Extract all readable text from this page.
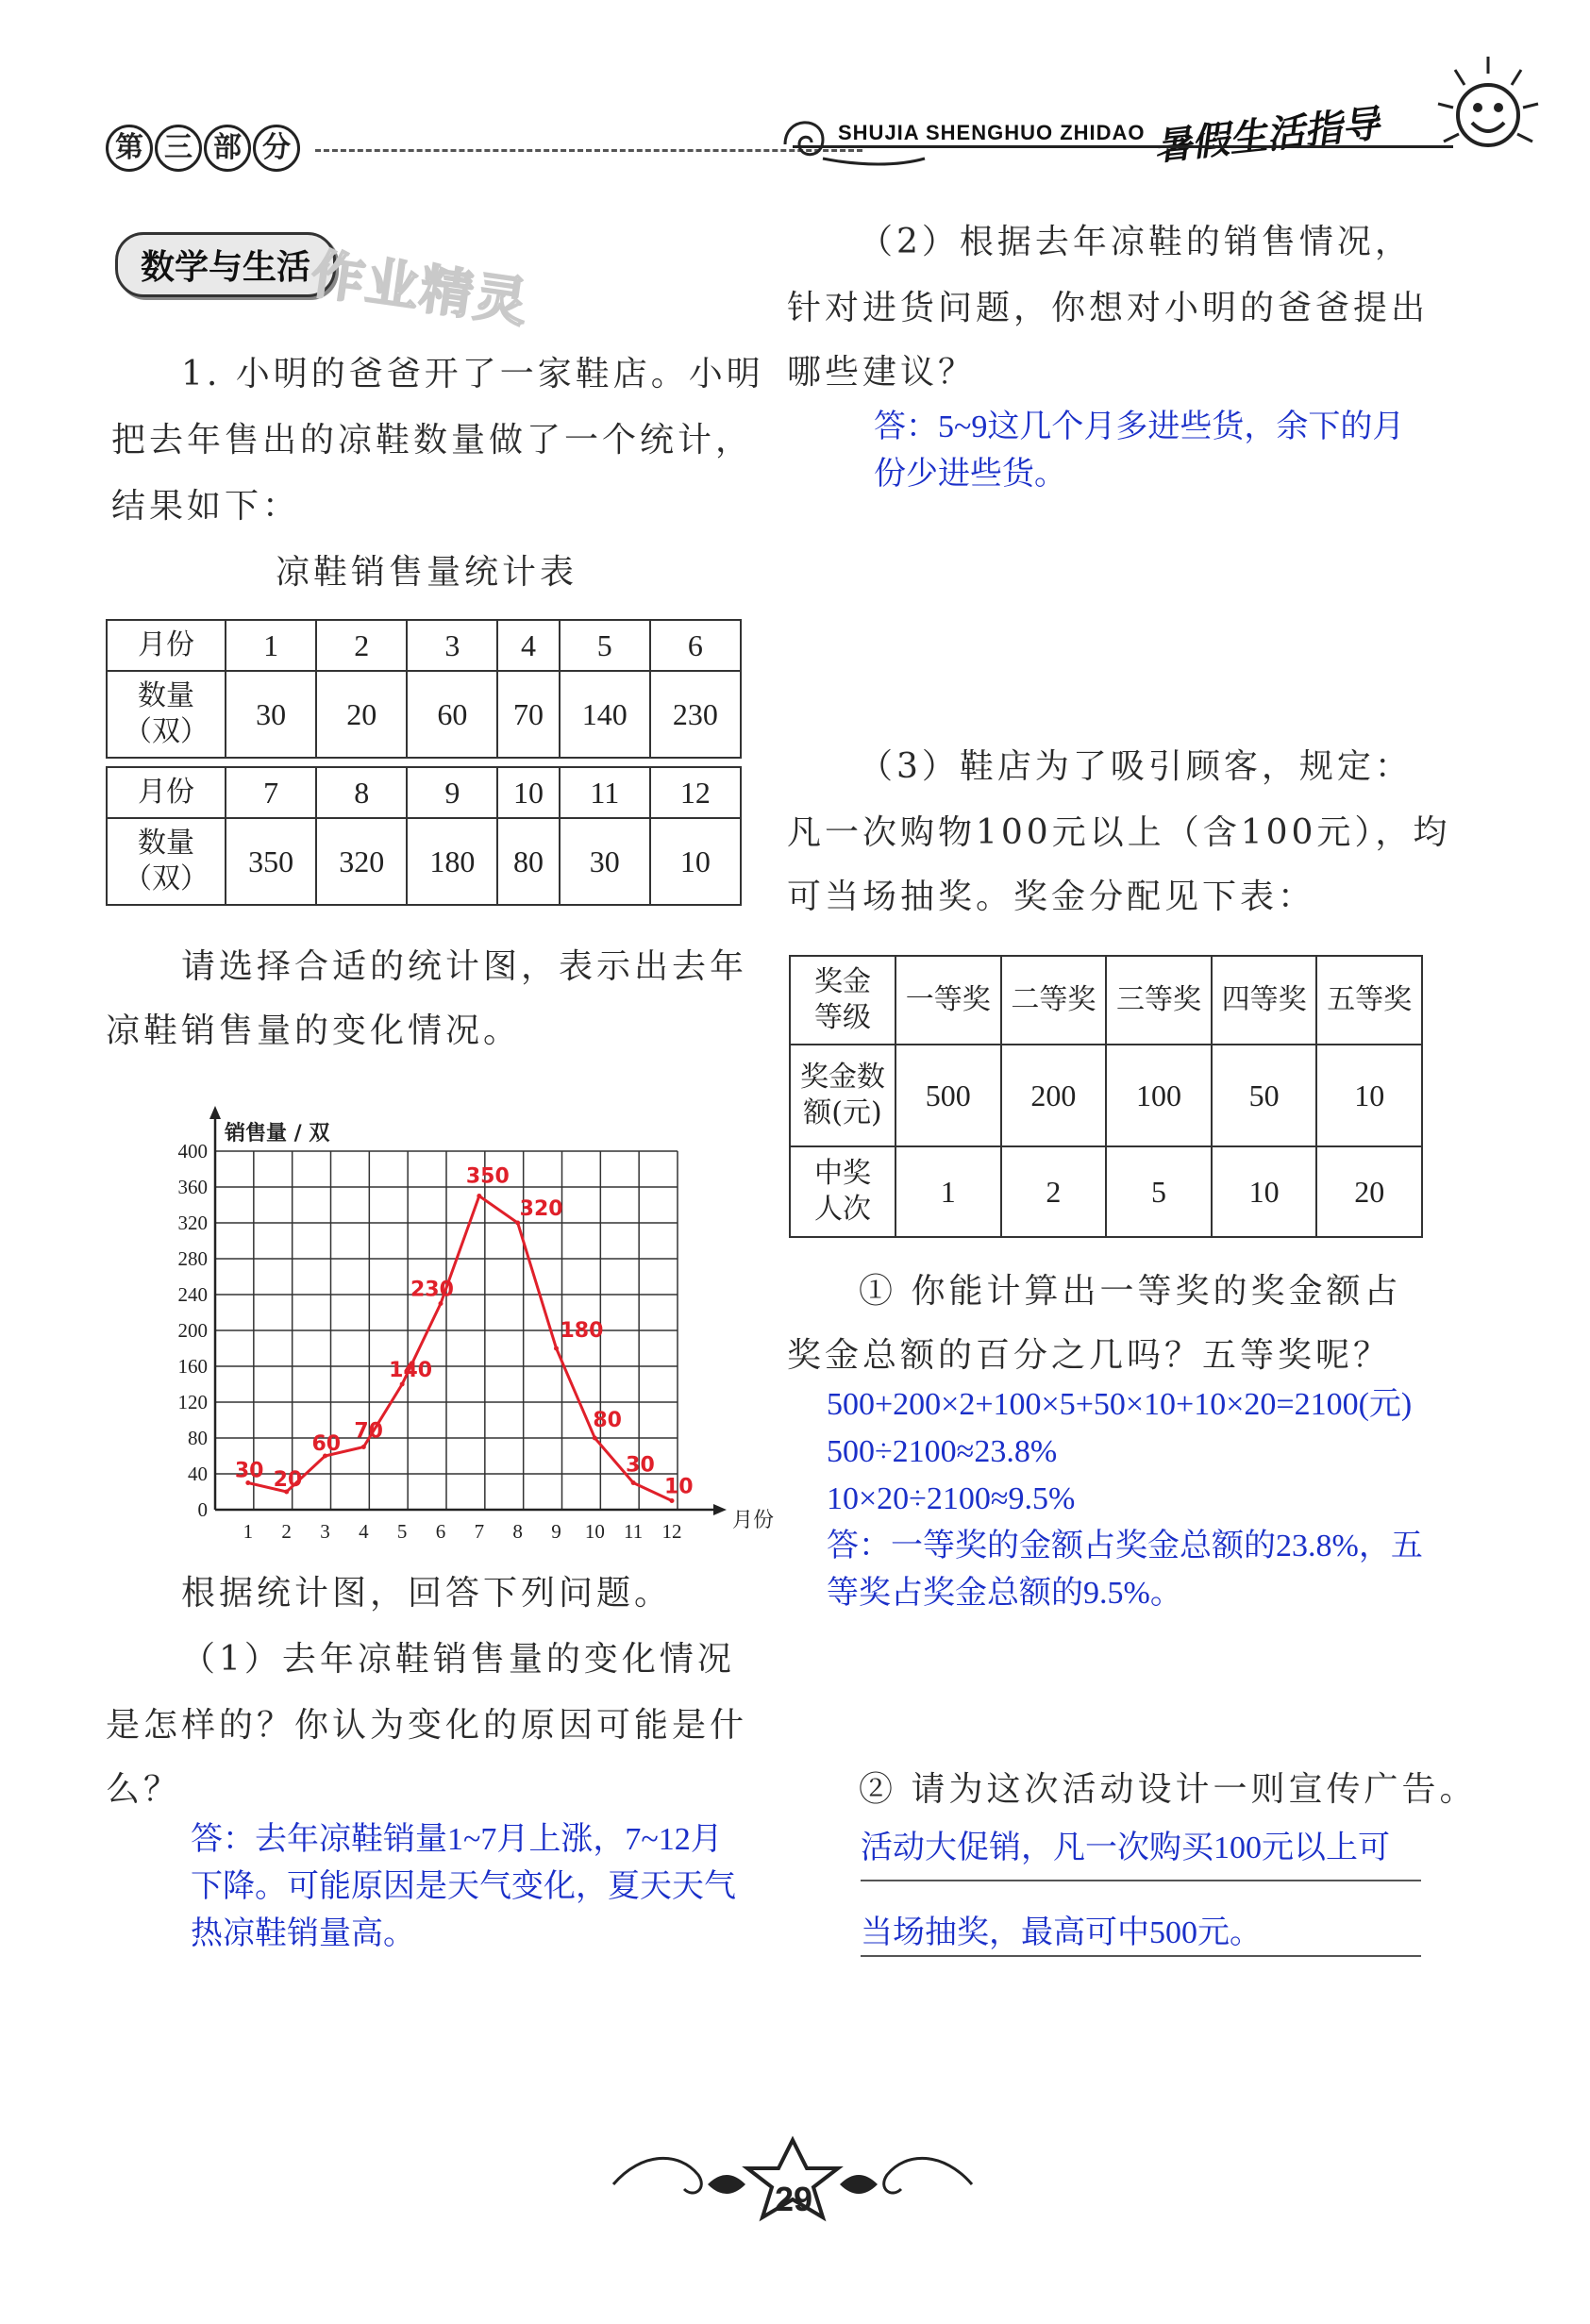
第 三 部 分	SHUJIA SHENGHUO ZHIDAO 暑假生活指导
数学与生活
作业精灵
1. 小明的爸爸开了一家鞋店。小明
把去年售出的凉鞋数量做了一个统计，
结果如下：
凉鞋销售量统计表
月份	1	2	3	4	5	6
数量
（双）	30	20	60	70	140	230

月份	7	8	9	10	11	12
数量
（双）	350	320	180	80	30	10
请选择合适的统计图，表示出去年
凉鞋销售量的变化情况。
0
40
80
120
160
200
240
280
320
360
400
销售量 / 双
月份
1 2 3 4 5 6 7 8 9 10 11 12
30 20
60
70
140
230
350
320
180
80
30
10
根据统计图，回答下列问题。
（1）去年凉鞋销售量的变化情况
是怎样的？你认为变化的原因可能是什
么？
答：去年凉鞋销量1~7月上涨，7~12月
下降。可能原因是天气变化，夏天天气
热凉鞋销量高。
（2）根据去年凉鞋的销售情况，
针对进货问题，你想对小明的爸爸提出
哪些建议？
答：5~9这几个月多进些货，余下的月
份少进些货。
（3）鞋店为了吸引顾客，规定：
凡一次购物100元以上（含100元），均
可当场抽奖。奖金分配见下表：
奖金
等级	一等奖	二等奖	三等奖	四等奖	五等奖
奖金数
额(元)	500	200	100	50	10
中奖
人次	1	2	5	10	20
① 你能计算出一等奖的奖金额占
奖金总额的百分之几吗？五等奖呢？
500+200×2+100×5+50×10+10×20=2100(元)
500÷2100≈23.8%
10×20÷2100≈9.5%
答：一等奖的金额占奖金总额的23.8%，五
等奖占奖金总额的9.5%。
② 请为这次活动设计一则宣传广告。
活动大促销，凡一次购买100元以上可
当场抽奖，最高可中500元。
29
